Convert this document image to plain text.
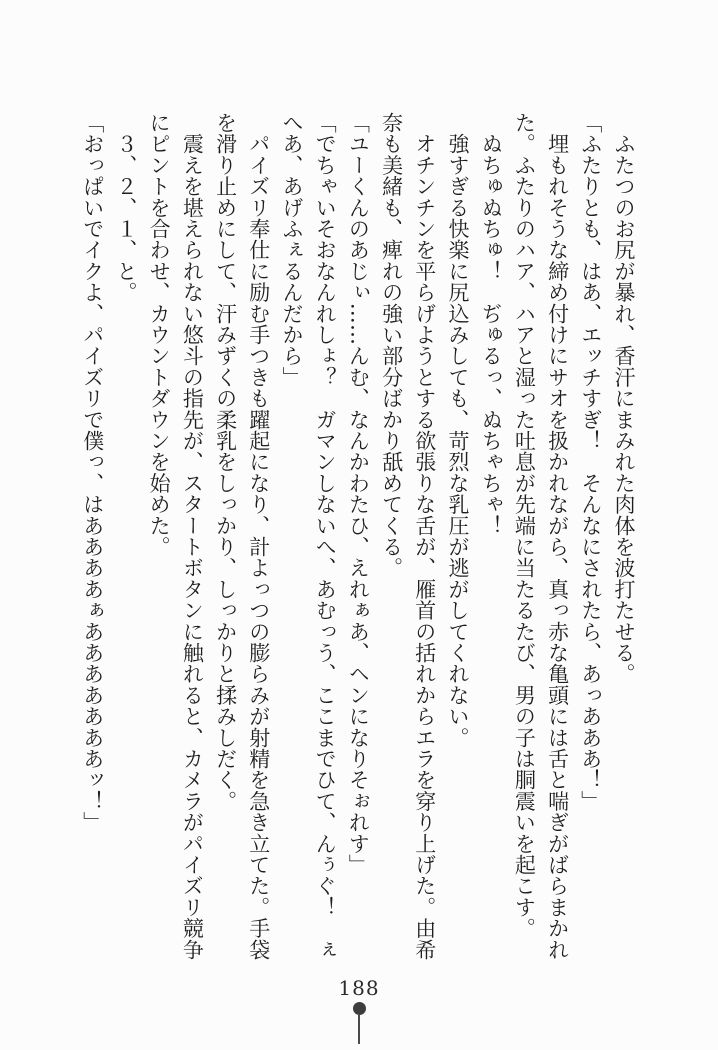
　ふたつのお尻が暴れ、香汗にまみれた肉体を波打たせる。
「ふたりとも、はあ、エッチすぎ！　そんなにされたら、あっあああ！」
　埋もれそうな締め付けにサオを扱かれながら、真っ赤な亀頭には舌と喘ぎがばらまかれ
た。ふたりのハア、ハアと湿った吐息が先端に当たるたび、男の子は胴震いを起こす。
　ぬちゅぬちゅ！　ぢゅるっ、ぬちゃちゃ！
　強すぎる快楽に尻込みしても、苛烈な乳圧が逃がしてくれない。
　オチンチンを平らげようとする欲張りな舌が、雁首の括れからエラを穿り上げた。由希
奈も美緒も、痺れの強い部分ばかり舐めてくる。
「ユーくんのあじぃ……んむ、なんかわたひ、えれぁあ、ヘンになりそぉれす」
「でちゃいそおなんれしょ？　ガマンしないへ、あむっう、ここまでひて、んぅぐ！　ぇ
へあ、あげふぇるんだから」
　パイズリ奉仕に励む手つきも躍起になり、計よっつの膨らみが射精を急き立てた。手袋
を滑り止めにして、汗みずくの柔乳をしっかり、しっかりと揉みしだく。
　震えを堪えられない悠斗の指先が、スタートボタンに触れると、カメラがパイズリ競争
にピントを合わせ、カウントダウンを始めた。
　３、２、１、と。
「おっぱいでイクよ、パイズリで僕っ、はああああぁあああああああッ！」
188
